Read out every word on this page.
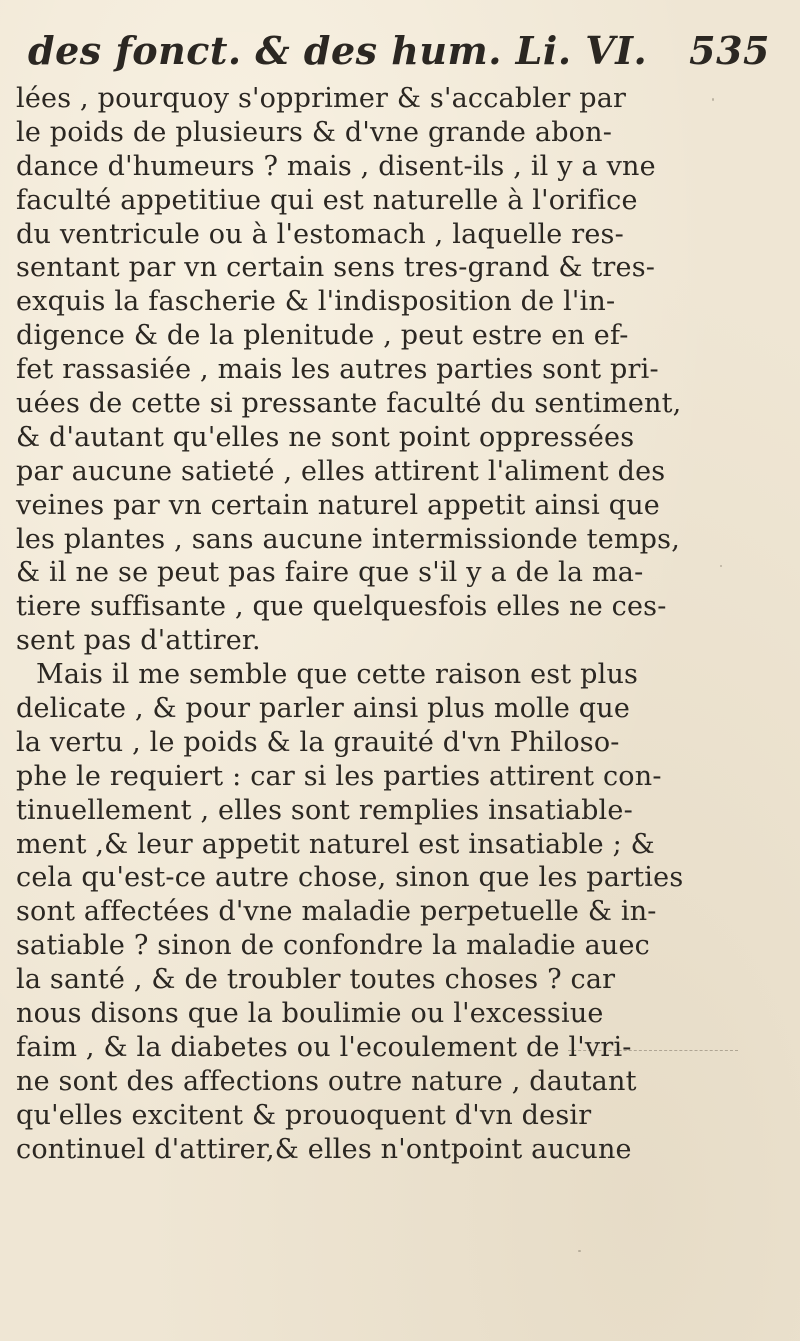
des fonct. & des hum. Li. VI. 535
lées , pourquoy s'opprimer & s'accabler par
le poids de plusieurs & d'vne grande abon-
dance d'humeurs ? mais , disent-ils , il y a vne
faculté appetitiue qui est naturelle à l'orifice
du ventricule ou à l'estomach , laquelle res-
sentant par vn certain sens tres-grand & tres-
exquis la fascherie & l'indisposition de l'in-
digence & de la plenitude , peut estre en ef-
fet rassasiée , mais les autres parties sont pri-
uées de cette si pressante faculté du sentiment,
& d'autant qu'elles ne sont point oppressées
par aucune satieté , elles attirent l'aliment des
veines par vn certain naturel appetit ainsi que
les plantes , sans aucune intermissionde temps,
& il ne se peut pas faire que s'il y a de la ma-
tiere suffisante , que quelquesfois elles ne ces-
sent pas d'attirer.
Mais il me semble que cette raison est plus
delicate , & pour parler ainsi plus molle que
la vertu , le poids & la grauité d'vn Philoso-
phe le requiert : car si les parties attirent con-
tinuellement , elles sont remplies insatiable-
ment ,& leur appetit naturel est insatiable ; &
cela qu'est-ce autre chose, sinon que les parties
sont affectées d'vne maladie perpetuelle & in-
satiable ? sinon de confondre la maladie auec
la santé , & de troubler toutes choses ? car
nous disons que la boulimie ou l'excessiue
faim , & la diabetes ou l'ecoulement de l'vri-
ne sont des affections outre nature , dautant
qu'elles excitent & prouoquent d'vn desir
continuel d'attirer,& elles n'ontpoint aucune
